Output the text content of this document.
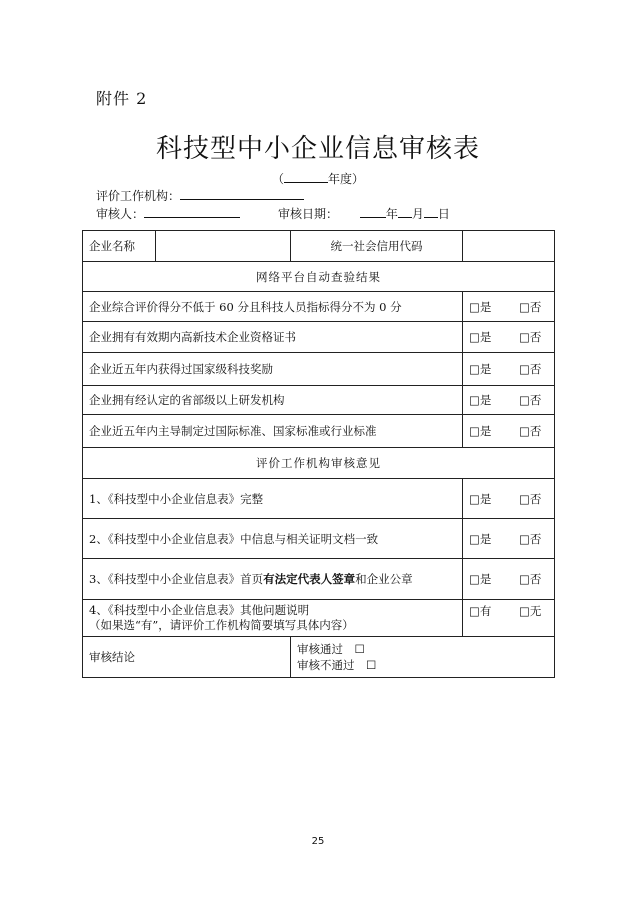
附件 2
科技型中小企业信息审核表
（	年度）
评价工作机构：
审核人：	审核日期：	年 月 日
企业名称		统一社会信用代码	
网络平台自动查验结果			
企业综合评价得分不低于 60 分且科技人员指标得分不为 0 分			□是 □否
企业拥有有效期内高新技术企业资格证书			□是 □否
企业近五年内获得过国家级科技奖励			□是 □否
企业拥有经认定的省部级以上研发机构			□是 □否
企业近五年内主导制定过国际标准、国家标准或行业标准			□是 □否
评价工作机构审核意见			
1、《科技型中小企业信息表》完整			□是 □否
2、《科技型中小企业信息表》中信息与相关证明文档一致			□是 □否
3、《科技型中小企业信息表》首页有法定代表人签章和企业公章			□是 □否

4、《科技型中小企业信息表》其他问题说明
（如果选“有”，请评价工作机构简要填写具体内容）			□有 □无
审核结论		审核通过　☐
审核不通过　☐	
25
